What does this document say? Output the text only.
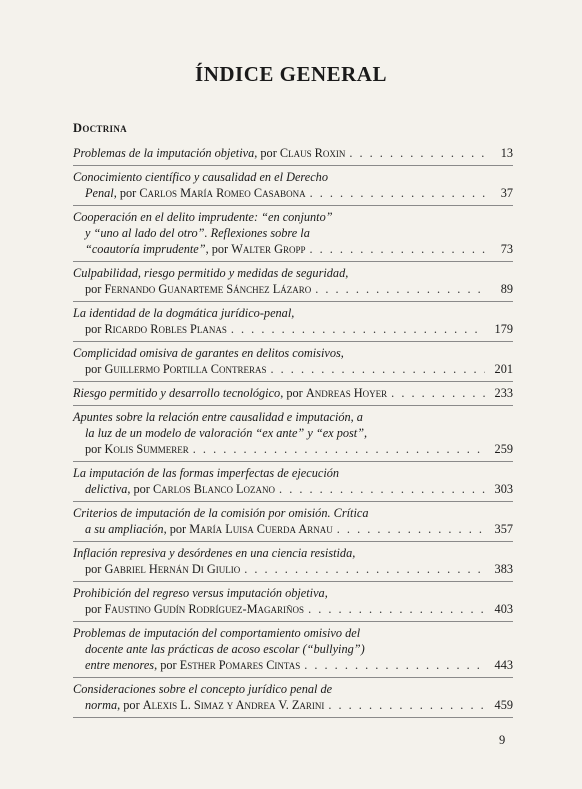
ÍNDICE GENERAL
Doctrina
Problemas de la imputación objetiva , por Claus Roxin . . .	13
Conocimiento científico y causalidad en el Derecho
Penal , por Carlos María Romeo Casabona . . .	37
Cooperación en el delito imprudente: “en conjunto”
y “uno al lado del otro”. Reflexiones sobre la
“coautoría imprudente” , por Walter Gropp . . .	73
Culpabilidad, riesgo permitido y medidas de seguridad,
por Fernando Guanarteme Sánchez Lázaro . . .	89
La identidad de la dogmática jurídico-penal,
por Ricardo Robles Planas . . .	179
Complicidad omisiva de garantes en delitos comisivos,
por Guillermo Portilla Contreras . . .	201
Riesgo permitido y desarrollo tecnológico , por Andreas Hoyer . . .	233
Apuntes sobre la relación entre causalidad e imputación, a
la luz de un modelo de valoración “ex ante” y “ex post”,
por Kolis Summerer . . .	259
La imputación de las formas imperfectas de ejecución
delictiva , por Carlos Blanco Lozano . . .	303
Criterios de imputación de la comisión por omisión. Crítica
a su ampliación , por María Luisa Cuerda Arnau . . .	357
Inflación represiva y desórdenes en una ciencia resistida,
por Gabriel Hernán Di Giulio . . .	383
Prohibición del regreso versus imputación objetiva,
por Faustino Gudín Rodríguez-Magariños . . .	403
Problemas de imputación del comportamiento omisivo del
docente ante las prácticas de acoso escolar (“bullying”)
entre menores , por Esther Pomares Cintas . . .	443
Consideraciones sobre el concepto jurídico penal de
norma , por Alexis L. Simaz y Andrea V. Zarini . . .	459
9
